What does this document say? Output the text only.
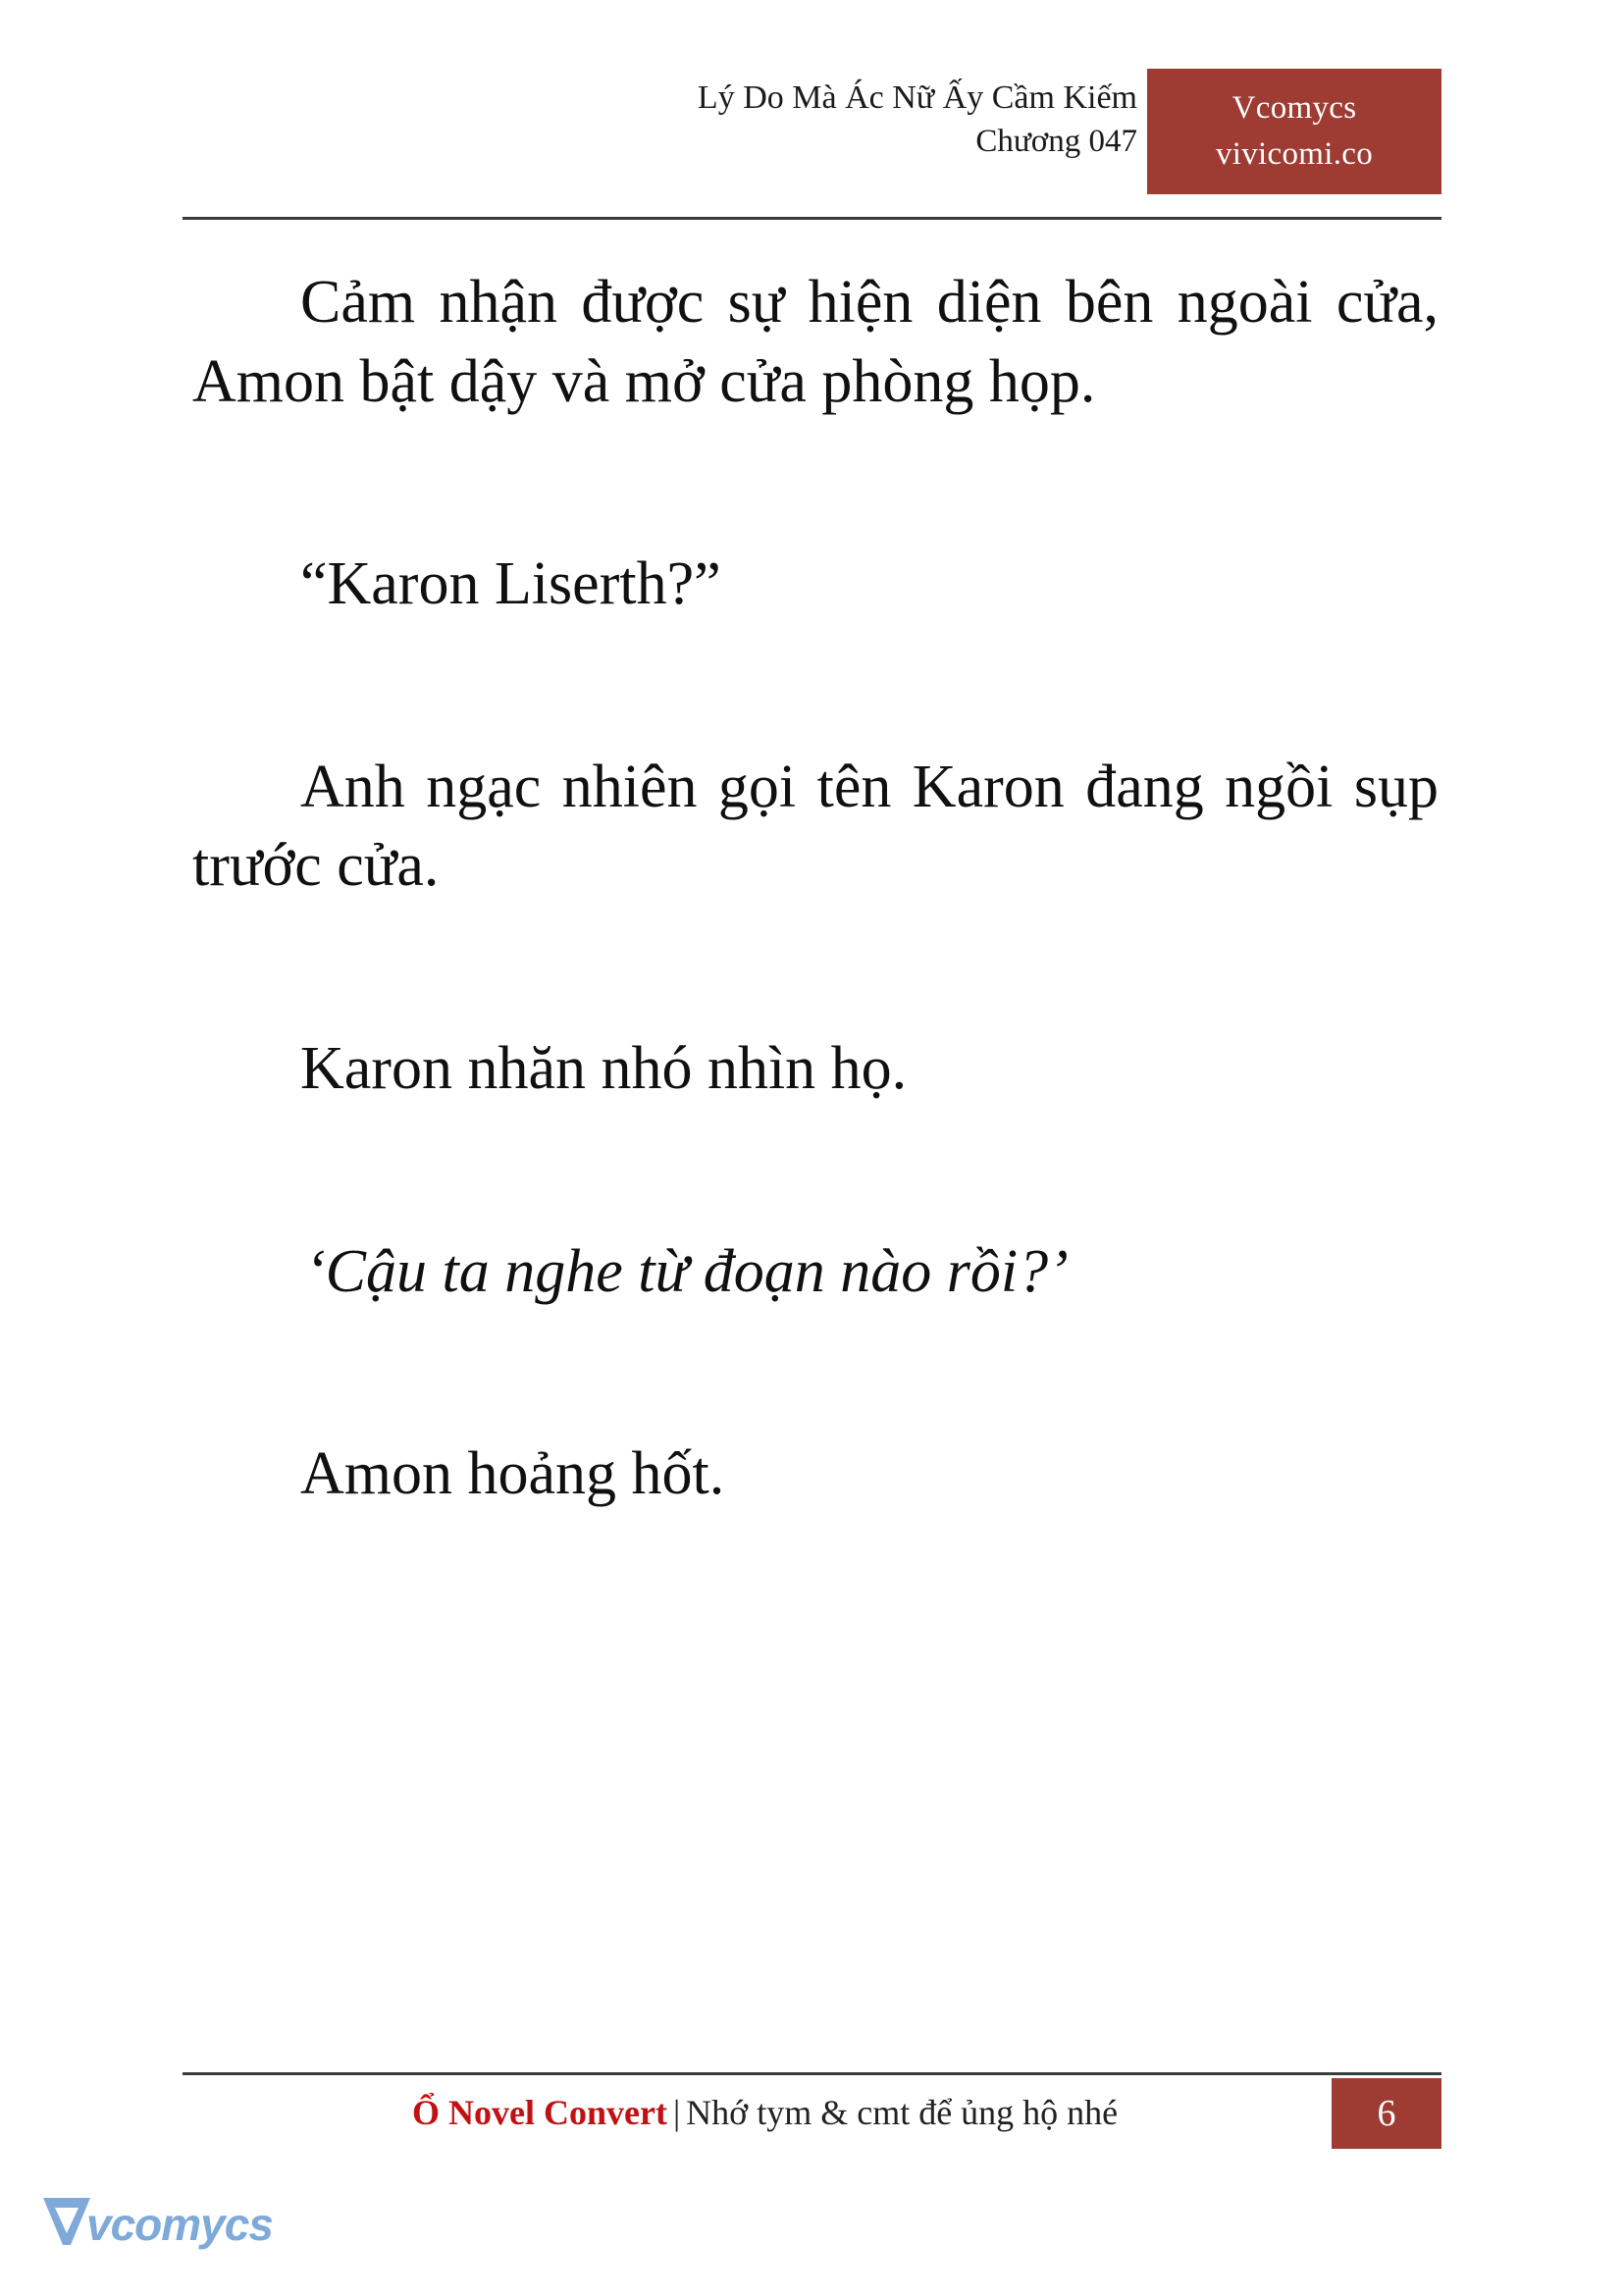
Lý Do Mà Ác Nữ Ấy Cầm Kiếm
Chương 047
Vcomycs
vivicomi.co

Cảm nhận được sự hiện diện bên ngoài cửa, Amon bật dậy và mở cửa phòng họp.

“Karon Liserth?”

Anh ngạc nhiên gọi tên Karon đang ngồi sụp trước cửa.

Karon nhăn nhó nhìn họ.

‘Cậu ta nghe từ đoạn nào rồi?’

Amon hoảng hốt.

Ổ Novel Convert | Nhớ tym & cmt để ủng hộ nhé	6
vcomycs
